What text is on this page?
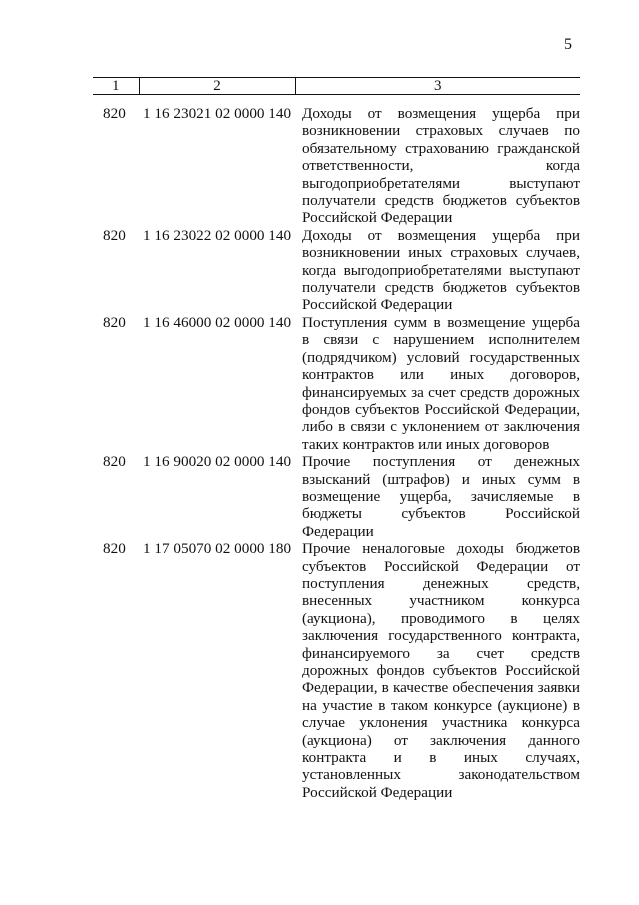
5
1	2	3

820	1 16 23021 02 0000 140	Доходы от возмещения ущерба при возникновении страховых случаев по обязательному страхованию гражданской ответственности, когда выгодоприобретателями выступают получатели средств бюджетов субъектов Российской Федерации
820	1 16 23022 02 0000 140	Доходы от возмещения ущерба при возникновении иных страховых случаев, когда выгодоприобретателями выступают получатели средств бюджетов субъектов Российской Федерации
820	1 16 46000 02 0000 140	Поступления сумм в возмещение ущерба в связи с нарушением исполнителем (подрядчиком) условий государственных контрактов или иных договоров, финансируемых за счет средств дорожных фондов субъектов Российской Федерации, либо в связи с уклонением от заключения таких контрактов или иных договоров
820	1 16 90020 02 0000 140	Прочие поступления от денежных взысканий (штрафов) и иных сумм в возмещение ущерба, зачисляемые в бюджеты субъектов Российской Федерации
820	1 17 05070 02 0000 180	Прочие неналоговые доходы бюджетов субъектов Российской Федерации от поступления денежных средств, внесенных участником конкурса (аукциона), проводимого в целях заключения государственного контракта, финансируемого за счет средств дорожных фондов субъектов Российской Федерации, в качестве обеспечения заявки на участие в таком конкурсе (аукционе) в случае уклонения участника конкурса (аукциона) от заключения данного контракта и в иных случаях, установленных законодательством Российской Федерации
